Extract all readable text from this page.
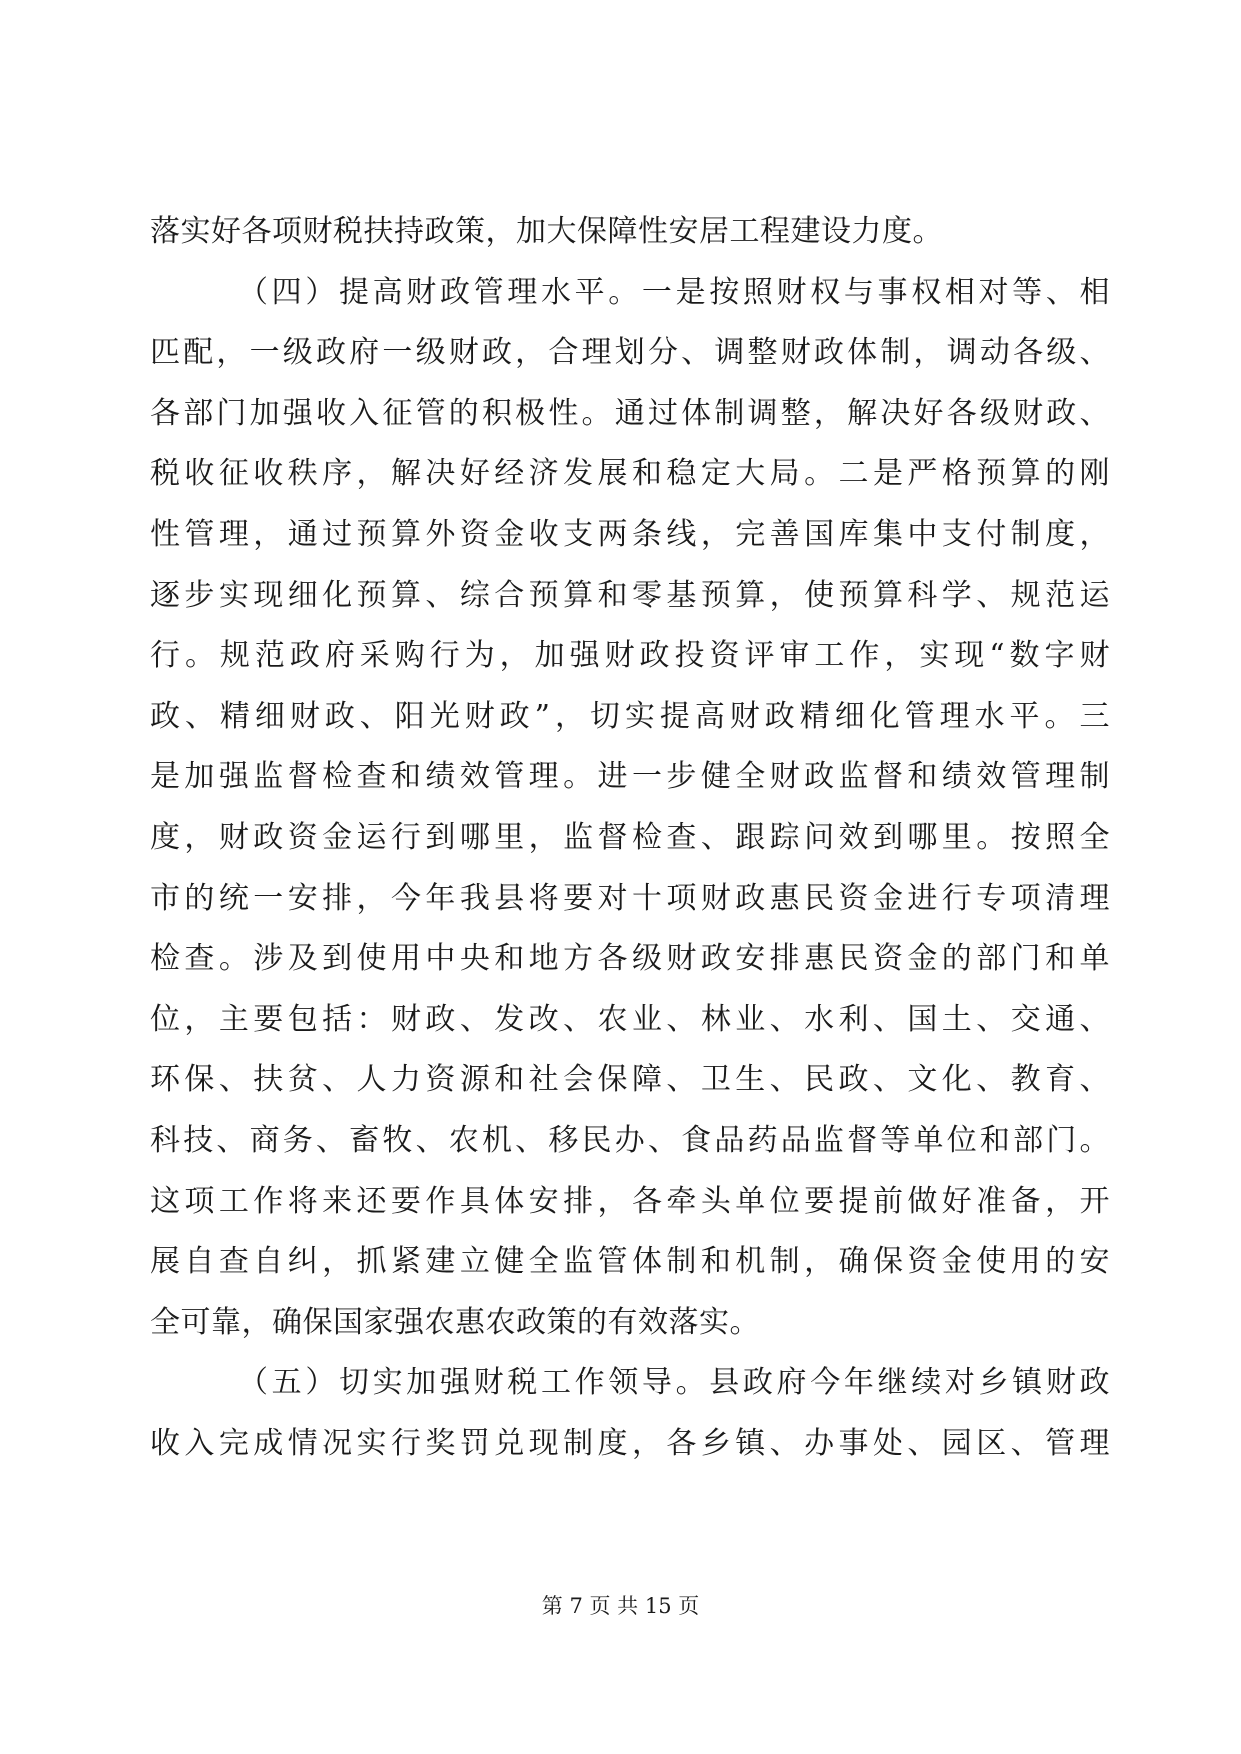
落实好各项财税扶持政策，加大保障性安居工程建设力度。
（四）提高财政管理水平。一是按照财权与事权相对等、相
匹配，一级政府一级财政，合理划分、调整财政体制，调动各级、
各部门加强收入征管的积极性。通过体制调整，解决好各级财政、
税收征收秩序，解决好经济发展和稳定大局。二是严格预算的刚
性管理，通过预算外资金收支两条线，完善国库集中支付制度，
逐步实现细化预算、综合预算和零基预算，使预算科学、规范运
行。规范政府采购行为，加强财政投资评审工作，实现“数字财
政、精细财政、阳光财政”，切实提高财政精细化管理水平。三
是加强监督检查和绩效管理。进一步健全财政监督和绩效管理制
度，财政资金运行到哪里，监督检查、跟踪问效到哪里。按照全
市的统一安排，今年我县将要对十项财政惠民资金进行专项清理
检查。涉及到使用中央和地方各级财政安排惠民资金的部门和单
位，主要包括：财政、发改、农业、林业、水利、国土、交通、
环保、扶贫、人力资源和社会保障、卫生、民政、文化、教育、
科技、商务、畜牧、农机、移民办、食品药品监督等单位和部门。
这项工作将来还要作具体安排，各牵头单位要提前做好准备，开
展自查自纠，抓紧建立健全监管体制和机制，确保资金使用的安
全可靠，确保国家强农惠农政策的有效落实。
（五）切实加强财税工作领导。县政府今年继续对乡镇财政
收入完成情况实行奖罚兑现制度，各乡镇、办事处、园区、管理
第 7 页 共 15 页
